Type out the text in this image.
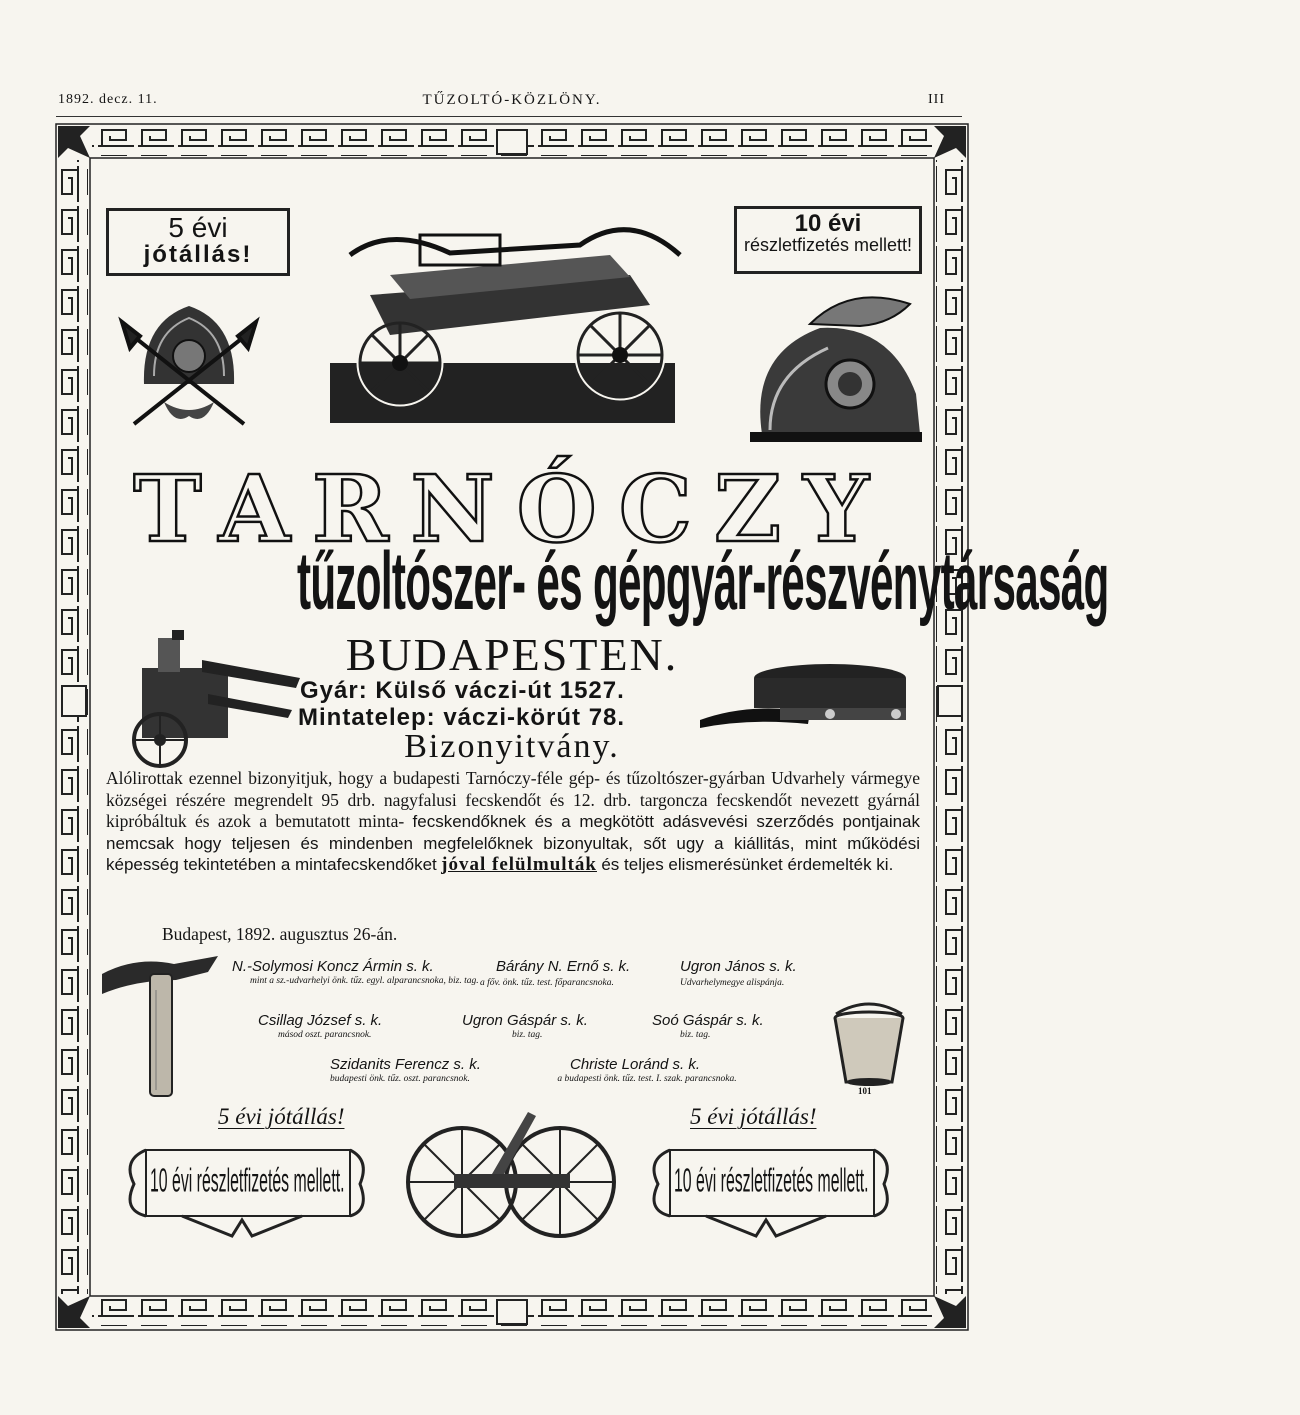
1892. decz. 11.	TŰZOLTÓ-KÖZLÖNY.	III
5 évi
jótállás!
10 évi
részletfizetés mellett!
TARNÓCZY
tűzoltószer- és gépgyár-részvénytársaság
BUDAPESTEN.
Gyár: Külső váczi-út 1527.
Mintatelep: váczi-körút 78.
Bizonyitvány.
Alólirottak ezennel bizonyitjuk, hogy a budapesti Tarnóczy-féle gép- és tűzoltószer-gyárban Udvarhely vármegye községei részére megrendelt 95 drb. nagyfalusi fecskendőt és 12. drb. targoncza fecskendőt nevezett gyárnál kipróbáltuk és azok a bemutatott minta- fecskendőknek és a megkötött adásvevési szerződés pontjainak nemcsak hogy teljesen és mindenben megfelelőknek bizonyultak, sőt ugy a kiállitás, mint működési képesség tekintetében a mintafecskendőket jóval felülmulták és teljes elismerésünket érdemelték ki.
Budapest, 1892. augusztus 26-án.
N.-Solymosi Koncz Ármin s. k.
mint a sz.-udvarhelyi önk. tűz. egyl. alparancsnoka, biz. tag.
Bárány N. Ernő s. k.
a főv. önk. tűz. test. főparancsnoka.
Ugron János s. k.
Udvarhelymegye alispánja.
Csillag József s. k.
másod oszt. parancsnok.
Ugron Gáspár s. k.
biz. tag.
Soó Gáspár s. k.
biz. tag.
Szidanits Ferencz s. k.
budapesti önk. tűz. oszt. parancsnok.
Christe Loránd s. k.
a budapesti önk. tűz. test. I. szak. parancsnoka.
101
5 évi jótállás!	5 évi jótállás!
10 évi részletfizetés mellett.	10 évi részletfizetés mellett.
